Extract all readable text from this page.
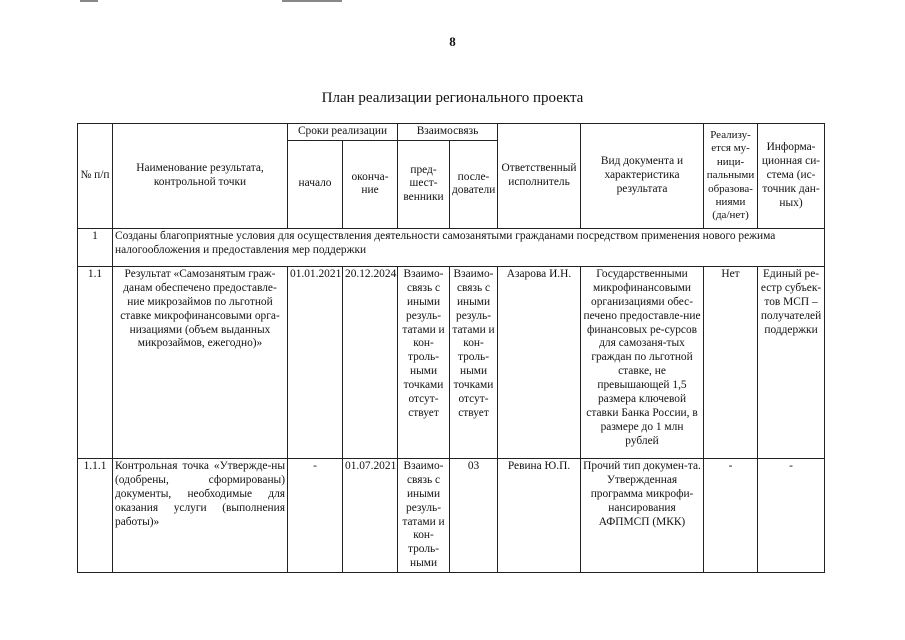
8
План реализации регионального проекта
№ п/п	Наименование результата, контрольной точки	Сроки реализации		Взаимосвязь		Ответственный исполнитель	Вид документа и характеристика результата	Реализу-ется му-ници-пальными образова-ниями (да/нет)	Информа-ционная си-стема (ис-точник дан-ных)
		начало	оконча-ние	пред-шест-венники	после-дователи				
1	Созданы благоприятные условия для осуществления деятельности самозанятыми гражданами посредством применения нового режима налогообложения и предоставления мер поддержки								
1.1	Результат «Самозанятым граж-данам обеспечено предоставле-ние микрозаймов по льготной ставке микрофинансовыми орга-низациями (объем выданных микрозаймов, ежегодно)»	01.01.2021	20.12.2024	Взаимо-связь с иными резуль-татами и кон-троль-ными точками отсут-ствует	Взаимо-связь с иными резуль-татами и кон-троль-ными точками отсут-ствует	Азарова И.Н.	Государственными микрофинансовыми организациями обес-печено предоставле-ние финансовых ре-сурсов для самозаня-тых граждан по льготной ставке, не превышающей 1,5 размера ключевой ставки Банка России, в размере до 1 млн рублей	Нет	Единый ре-естр субъек-тов МСП – получателей поддержки
1.1.1	Контрольная точка «Утвержде-ны (одобрены, сформированы) документы, необходимые для оказания услуги (выполнения работы)»	-	01.07.2021	Взаимо-связь с иными резуль-татами и кон-троль-ными	03	Ревина Ю.П.	Прочий тип докумен-та. Утвержденная программа микрофи-нансирования АФПМСП (МКК)	-	-
